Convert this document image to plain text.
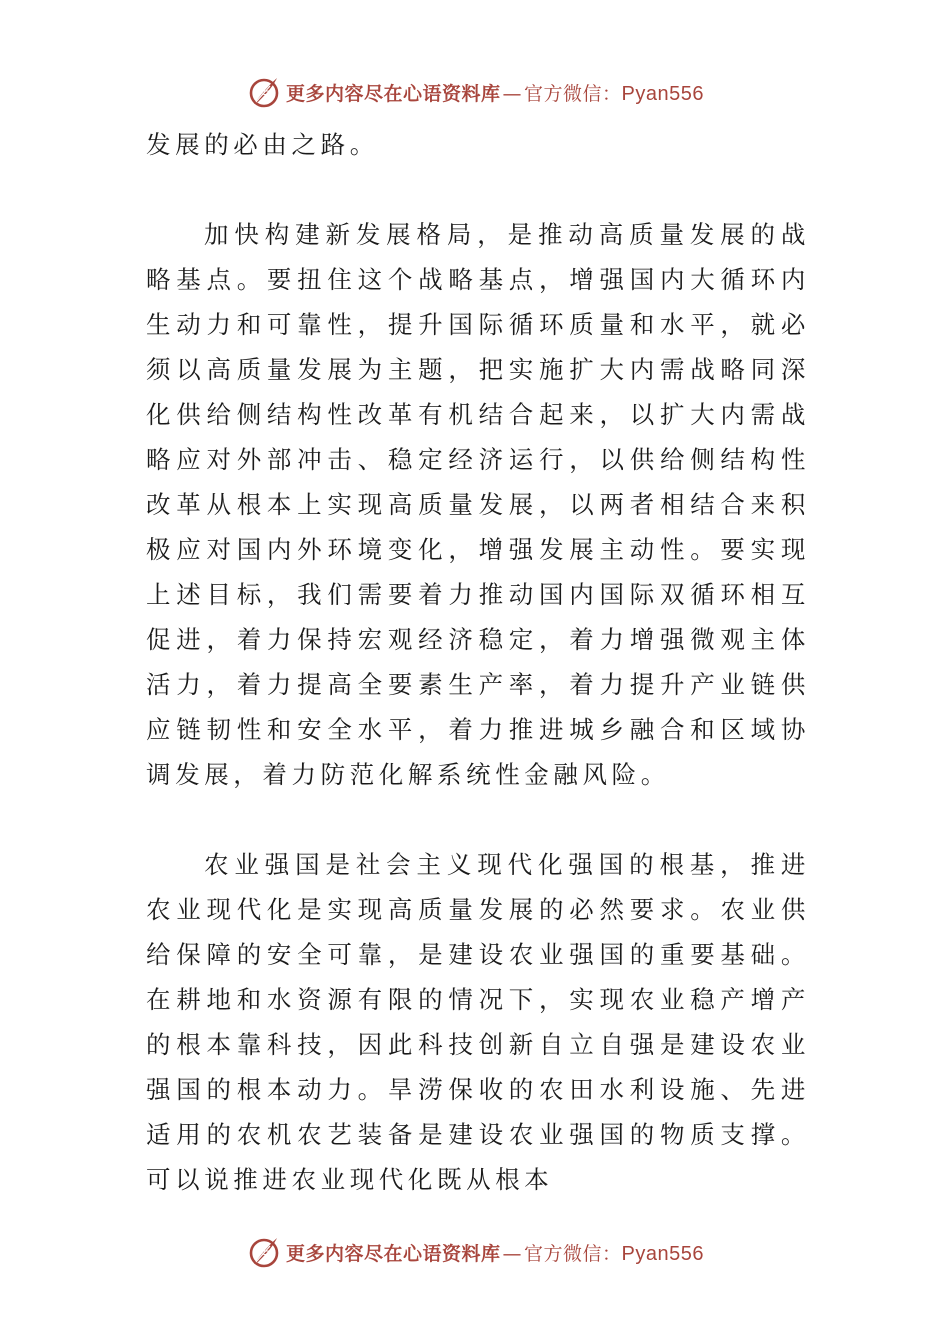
更多内容尽在心语资料库 — 官方微信： Pyan556

发展的必由之路。

加快构建新发展格局，是推动高质量发展的战略基点。要扭住这个战略基点，增强国内大循环内生动力和可靠性，提升国际循环质量和水平，就必须以高质量发展为主题，把实施扩大内需战略同深化供给侧结构性改革有机结合起来，以扩大内需战略应对外部冲击、稳定经济运行，以供给侧结构性改革从根本上实现高质量发展，以两者相结合来积极应对国内外环境变化，增强发展主动性。要实现上述目标，我们需要着力推动国内国际双循环相互促进，着力保持宏观经济稳定，着力增强微观主体活力，着力提高全要素生产率，着力提升产业链供应链韧性和安全水平，着力推进城乡融合和区域协调发展，着力防范化解系统性金融风险。

农业强国是社会主义现代化强国的根基，推进农业现代化是实现高质量发展的必然要求。农业供给保障的安全可靠，是建设农业强国的重要基础。在耕地和水资源有限的情况下，实现农业稳产增产的根本靠科技，因此科技创新自立自强是建设农业强国的根本动力。旱涝保收的农田水利设施、先进适用的农机农艺装备是建设农业强国的物质支撑。可以说推进农业现代化既从根本

更多内容尽在心语资料库 — 官方微信： Pyan556
